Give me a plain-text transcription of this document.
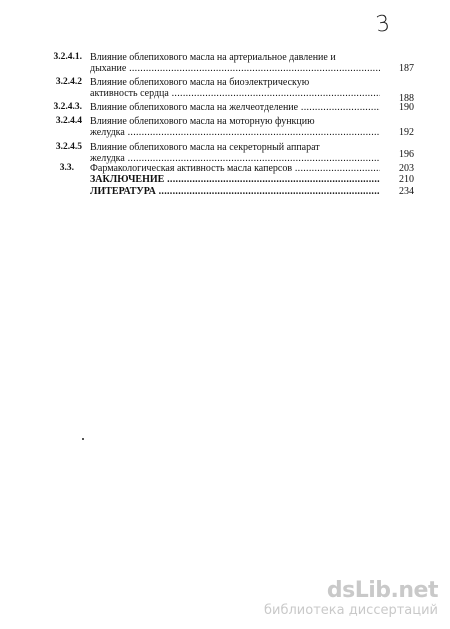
3
3.2.4.1. Влияние облепихового масла на артериальное давление и
дыхание .....	187
3.2.4.2 Влияние облепихового масла на биоэлектрическую
активность сердца .....	188
3.2.4.3. Влияние облепихового масла на желчеотделение .....	190
3.2.4.4 Влияние облепихового масла на моторную функцию
желудка .....	192
3.2.4.5 Влияние облепихового масла на секреторный аппарат
желудка .....	196
3.3. Фармакологическая активность масла каперсов .....	203
ЗАКЛЮЧЕНИЕ .....	210
ЛИТЕРАТУРА .....	234
dsLib.net
библиотека диссертаций
